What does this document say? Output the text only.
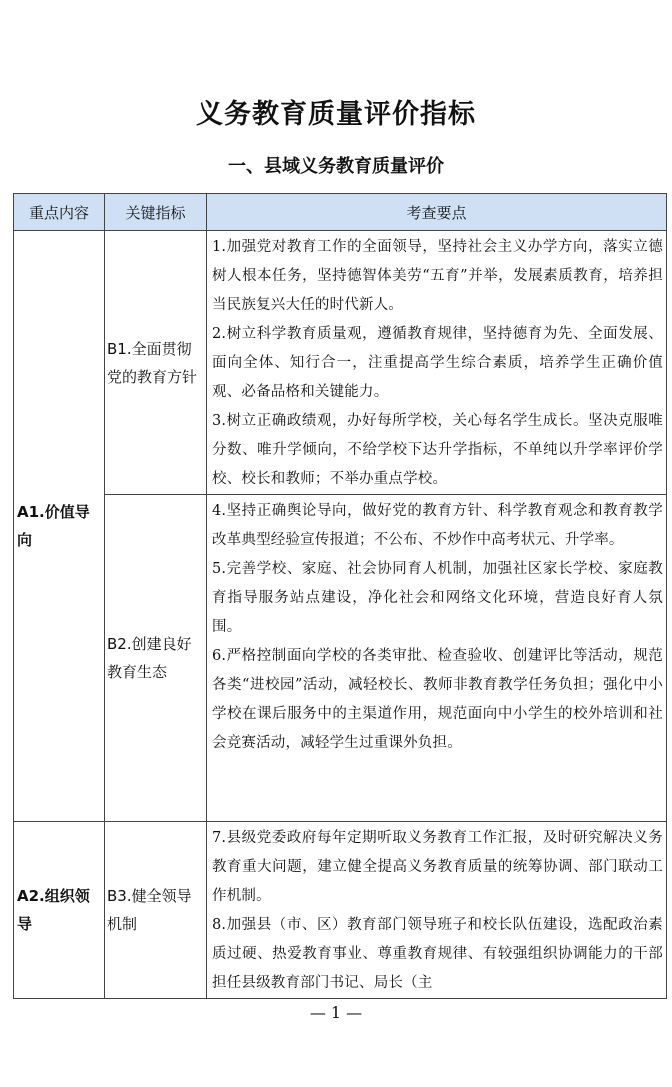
义务教育质量评价指标
一、县域义务教育质量评价
重点内容	关键指标	考查要点

A1.价值导向	B1.全面贯彻党的教育方针	1.加强党对教育工作的全面领导，坚持社会主义办学方向，落实立德树人根本任务，坚持德智体美劳“五育”并举，发展素质教育，培养担当民族复兴大任的时代新人。
2.树立科学教育质量观，遵循教育规律，坚持德育为先、全面发展、面向全体、知行合一，注重提高学生综合素质，培养学生正确价值观、必备品格和关键能力。
3.树立正确政绩观，办好每所学校，关心每名学生成长。坚决克服唯分数、唯升学倾向，不给学校下达升学指标，不单纯以升学率评价学校、校长和教师；不举办重点学校。

	B2.创建良好教育生态	4.坚持正确舆论导向，做好党的教育方针、科学教育观念和教育教学改革典型经验宣传报道；不公布、不炒作中高考状元、升学率。
5.完善学校、家庭、社会协同育人机制，加强社区家长学校、家庭教育指导服务站点建设，净化社会和网络文化环境，营造良好育人氛围。
6.严格控制面向学校的各类审批、检查验收、创建评比等活动，规范各类“进校园”活动，减轻校长、教师非教育教学任务负担；强化中小学校在课后服务中的主渠道作用，规范面向中小学生的校外培训和社会竞赛活动，减轻学生过重课外负担。

A2.组织领导	B3.健全领导机制	7.县级党委政府每年定期听取义务教育工作汇报，及时研究解决义务教育重大问题，建立健全提高义务教育质量的统筹协调、部门联动工作机制。
8.加强县（市、区）教育部门领导班子和校长队伍建设，选配政治素质过硬、热爱教育事业、尊重教育规律、有较强组织协调能力的干部担任县级教育部门书记、局长（主
— 1 —
